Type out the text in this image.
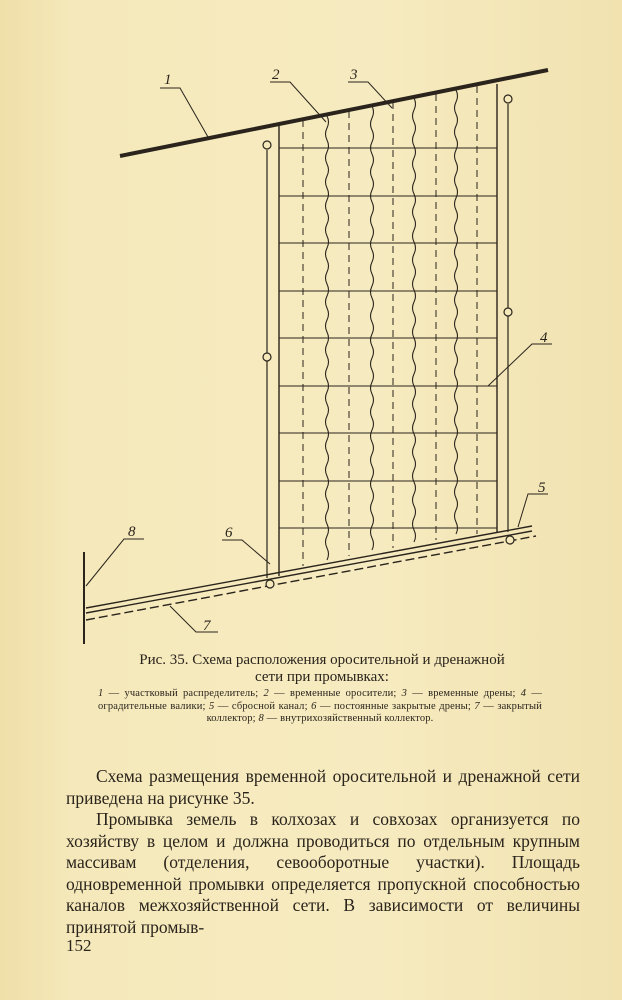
1	2	3
4
5
6
7
8
Рис. 35. Схема расположения оросительной и дренажной
сети при промывках:
1 — участковый распределитель; 2 — временные оросители; 3 — временные дрены; 4 — оградительные валики; 5 — сбросной канал; 6 — постоянные закрытые дрены; 7 — закрытый коллектор; 8 — внутрихозяйственный коллектор.

Схема размещения временной оросительной и дренажной сети приведена на рисунке 35.

Промывка земель в колхозах и совхозах организуется по хозяйству в целом и должна проводиться по отдельным крупным массивам (отделения, севооборотные участки). Площадь одновременной промывки определяется пропускной способностью каналов межхозяйственной сети. В зависимости от величины принятой промыв-

152
